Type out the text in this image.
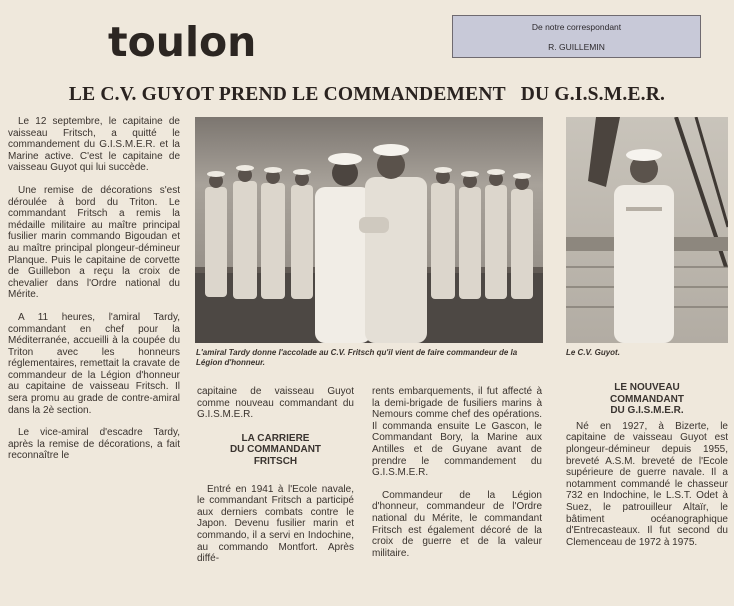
toulon	De notre correspondant
R. GUILLEMIN
LE C.V. GUYOT PREND LE COMMANDEMENT   DU G.I.S.M.E.R.

Le 12 septembre, le capitaine de vaisseau Fritsch, a quitté le commandement du G.I.S.M.E.R. et la Marine active. C'est le capitaine de vaisseau Guyot qui lui succède.

Une remise de décorations s'est déroulée à bord du Triton. Le commandant Fritsch a remis la médaille militaire au maître principal fusilier marin commando Bigoudan et au maître principal plongeur-démineur Planque. Puis le capitaine de corvette de Guillebon a reçu la croix de chevalier dans l'Ordre national du Mérite.

A 11 heures, l'amiral Tardy, commandant en chef pour la Méditerranée, accueilli à la coupée du Triton avec les honneurs réglementaires, remettait la cravate de commandeur de la Légion d'honneur au capitaine de vaisseau Fritsch. Il sera promu au grade de contre-amiral dans la 2è section.

Le vice-amiral d'escadre Tardy, après la remise de décorations, a fait reconnaître le

L'amiral Tardy donne l'accolade au C.V. Fritsch qu'il vient de faire commandeur de la Légion d'honneur.
Le C.V. Guyot.

capitaine de vaisseau Guyot comme nouveau commandant du G.I.S.M.E.R.

LA CARRIERE
DU COMMANDANT
FRITSCH

Entré en 1941 à l'Ecole navale, le commandant Fritsch a participé aux derniers combats contre le Japon. Devenu fusilier marin et commando, il a servi en Indochine, au commando Montfort. Après diffé-

rents embarquements, il fut affecté à la demi-brigade de fusiliers marins à Nemours comme chef des opérations. Il commanda ensuite Le Gascon, le Commandant Bory, la Marine aux Antilles et de Guyane avant de prendre le commandement du G.I.S.M.E.R.

Commandeur de la Légion d'honneur, commandeur de l'Ordre national du Mérite, le commandant Fritsch est également décoré de la croix de guerre et de la valeur militaire.

LE NOUVEAU
COMMANDANT
DU G.I.S.M.E.R.

Né en 1927, à Bizerte, le capitaine de vaisseau Guyot est plongeur-démineur depuis 1955, breveté A.S.M. breveté de l'Ecole supérieure de guerre navale. Il a notamment commandé le chasseur 732 en Indochine, le L.S.T. Odet à Suez, le patrouilleur Altaïr, le bâtiment océanographique d'Entrecasteaux. Il fut second du Clemenceau de 1972 à 1975.
